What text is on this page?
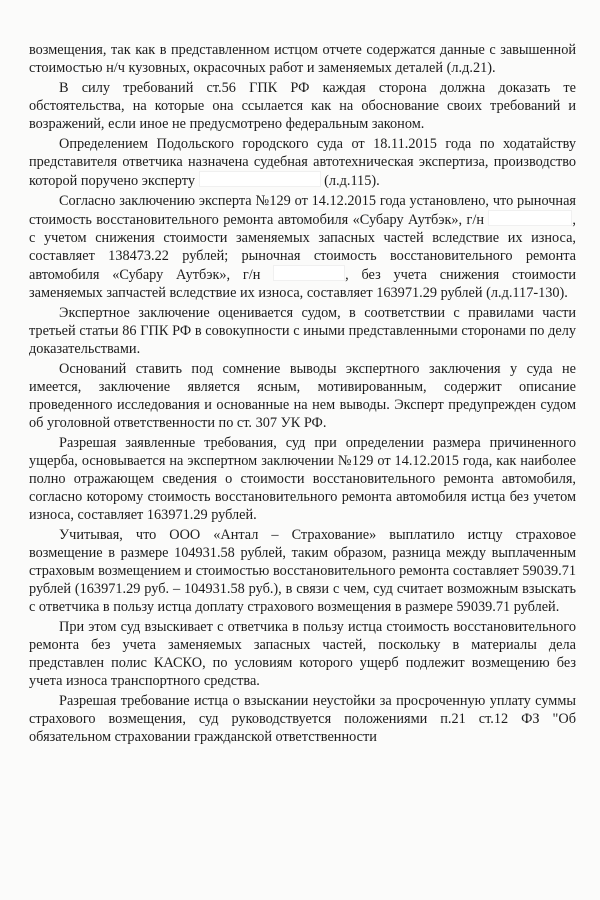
возмещения, так как в представленном истцом отчете содержатся данные с завышенной стоимостью н/ч кузовных, окрасочных работ и заменяемых деталей (л.д.21).

В силу требований ст.56 ГПК РФ каждая сторона должна доказать те обстоятельства, на которые она ссылается как на обоснование своих требований и возражений, если иное не предусмотрено федеральным законом.

Определением Подольского городского суда от 18.11.2015 года по ходатайству представителя ответчика назначена судебная автотехническая экспертиза, производство которой поручено эксперту	(л.д.115).

Согласно заключению эксперта №129 от 14.12.2015 года установлено, что рыночная стоимость восстановительного ремонта автомобиля «Субару Аутбэк», г/н	, с учетом снижения стоимости заменяемых запасных частей вследствие их износа, составляет 138473.22 рублей; рыночная стоимость восстановительного ремонта автомобиля «Субару Аутбэк», г/н	, без учета снижения стоимости заменяемых запчастей вследствие их износа, составляет 163971.29 рублей (л.д.117-130).

Экспертное заключение оценивается судом, в соответствии с правилами части третьей статьи 86 ГПК РФ в совокупности с иными представленными сторонами по делу доказательствами.

Оснований ставить под сомнение выводы экспертного заключения у суда не имеется, заключение является ясным, мотивированным, содержит описание проведенного исследования и основанные на нем выводы. Эксперт предупрежден судом об уголовной ответственности по ст. 307 УК РФ.

Разрешая заявленные требования, суд при определении размера причиненного ущерба, основывается на экспертном заключении №129 от 14.12.2015 года, как наиболее полно отражающем сведения о стоимости восстановительного ремонта автомобиля, согласно которому стоимость восстановительного ремонта автомобиля истца без учетом износа, составляет 163971.29 рублей.

Учитывая, что ООО «Антал – Страхование» выплатило истцу страховое возмещение в размере 104931.58 рублей, таким образом, разница между выплаченным страховым возмещением и стоимостью восстановительного ремонта составляет 59039.71 рублей (163971.29 руб. – 104931.58 руб.), в связи с чем, суд считает возможным взыскать с ответчика в пользу истца доплату страхового возмещения в размере 59039.71 рублей.

При этом суд взыскивает с ответчика в пользу истца стоимость восстановительного ремонта без учета заменяемых запасных частей, поскольку в материалы дела представлен полис КАСКО, по условиям которого ущерб подлежит возмещению без учета износа транспортного средства.

Разрешая требование истца о взыскании неустойки за просроченную уплату суммы страхового возмещения, суд руководствуется положениями п.21 ст.12 ФЗ "Об обязательном страховании гражданской ответственности
